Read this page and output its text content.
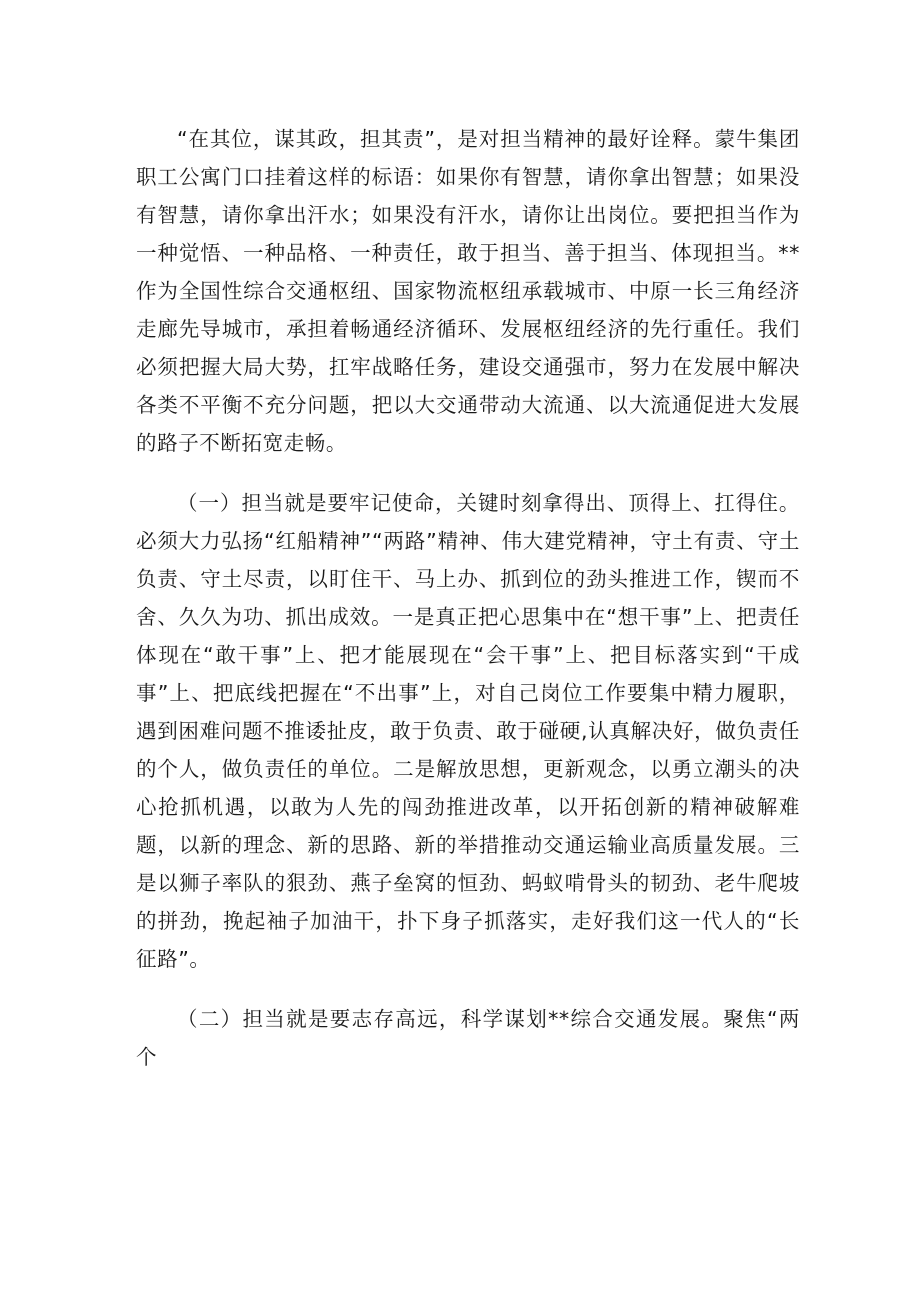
“在其位，谋其政，担其责”，是对担当精神的最好诠释。蒙牛集团职工公寓门口挂着这样的标语：如果你有智慧，请你拿出智慧；如果没有智慧，请你拿出汗水；如果没有汗水，请你让出岗位。要把担当作为一种觉悟、一种品格、一种责任，敢于担当、善于担当、体现担当。**作为全国性综合交通枢纽、国家物流枢纽承载城市、中原一长三角经济走廊先导城市，承担着畅通经济循环、发展枢纽经济的先行重任。我们必须把握大局大势，扛牢战略任务，建设交通强市，努力在发展中解决各类不平衡不充分问题，把以大交通带动大流通、以大流通促进大发展的路子不断拓宽走畅。

（一）担当就是要牢记使命，关键时刻拿得出、顶得上、扛得住。必须大力弘扬“红船精神”“两路”精神、伟大建党精神，守土有责、守土负责、守土尽责，以盯住干、马上办、抓到位的劲头推进工作，锲而不舍、久久为功、抓出成效。一是真正把心思集中在“想干事”上、把责任体现在“敢干事”上、把才能展现在“会干事”上、把目标落实到“干成事”上、把底线把握在“不出事”上，对自己岗位工作要集中精力履职，遇到困难问题不推诿扯皮，敢于负责、敢于碰硬,认真解决好，做负责任的个人，做负责任的单位。二是解放思想，更新观念，以勇立潮头的决心抢抓机遇，以敢为人先的闯劲推进改革，以开拓创新的精神破解难题，以新的理念、新的思路、新的举措推动交通运输业高质量发展。三是以狮子率队的狠劲、燕子垒窝的恒劲、蚂蚁啃骨头的韧劲、老牛爬坡的拼劲，挽起袖子加油干，扑下身子抓落实，走好我们这一代人的“长征路”。

（二）担当就是要志存高远，科学谋划**综合交通发展。聚焦“两个
